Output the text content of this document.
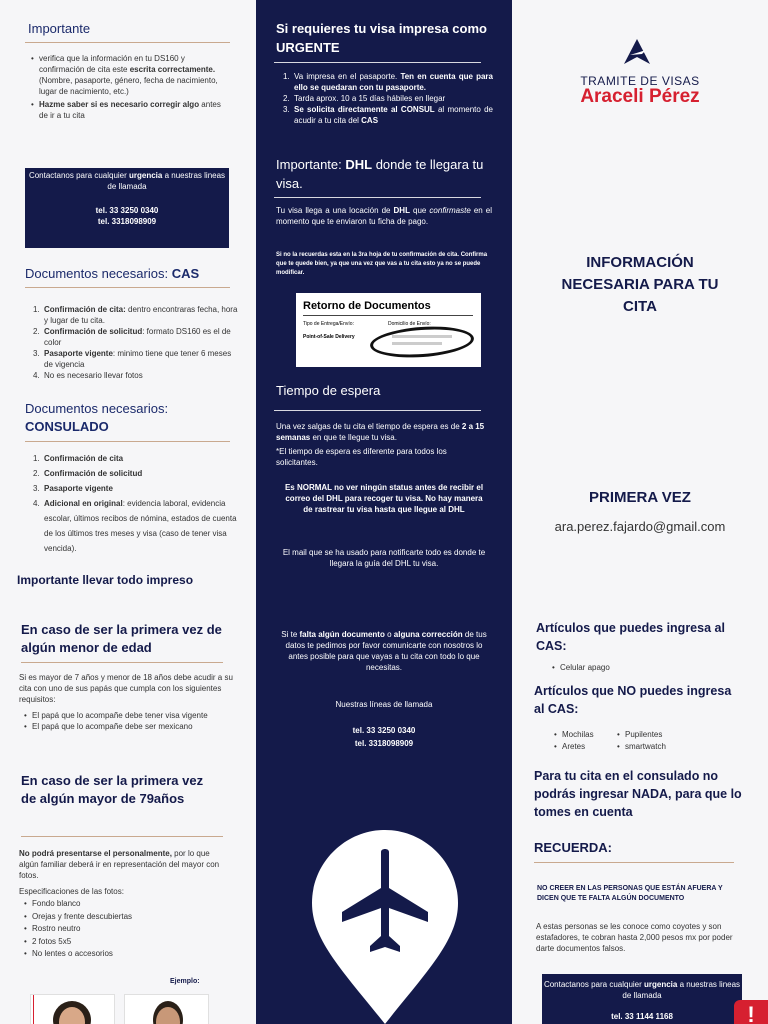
Importante
• verifica que la información en tu DS160 y confirmación de cita este escrita correctamente. (Nombre, pasaporte, género, fecha de nacimiento, lugar de nacimiento, etc.)
• Hazme saber si es necesario corregir algo antes de ir a tu cita
Contactanos para cualquier urgencia a nuestras lineas de llamada
tel. 33 3250 0340
tel. 3318098909
Documentos necesarios: CAS
1. Confirmación de cita: dentro encontraras fecha, hora y lugar de tu cita.
2. Confirmación de solicitud: formato DS160 es el de color
3. Pasaporte vigente: minimo tiene que tener 6 meses de vigencia
4. No es necesario llevar fotos
Documentos necesarios:
CONSULADO
1. Confirmación de cita
2. Confirmación de solicitud
3. Pasaporte vigente
4. Adicional en original: evidencia laboral, evidencia escolar, últimos recibos de nómina, estados de cuenta de los últimos tres meses y visa (caso de tener visa vencida).
Importante llevar todo impreso
En caso de ser la primera vez de algún menor de edad
Si es mayor de 7 años y menor de 18 años debe acudir a su cita con uno de sus papás que cumpla con los siguientes requisitos:
• El papá que lo acompañe debe tener visa vigente
• El papá que lo acompañe debe ser mexicano
En caso de ser la primera vez de algún mayor de 79años
No podrá presentarse el personalmente, por lo que algún familiar deberá ir en representación del mayor con fotos.
Especificaciones de las fotos:
• Fondo blanco
• Orejas y frente descubiertas
• Rostro neutro
• 2 fotos 5x5
• No lentes o accesorios
Ejemplo:
Si requieres tu visa impresa como URGENTE
1. Va impresa en el pasaporte. Ten en cuenta que para ello se quedaran con tu pasaporte.
2. Tarda aprox. 10 a 15 días hábiles en llegar
3. Se solicita directamente al CONSUL al momento de acudir a tu cita del CAS
Importante: DHL donde te llegara tu visa.
Tu visa llega a una locación de DHL que confirmaste en el momento que te enviaron tu ficha de pago.
Si no la recuerdas esta en la 3ra hoja de tu confirmación de cita. Confirma que te quede bien, ya que una vez que vas a tu cita esto ya no se puede modificar.
Retorno de Documentos
Tipo de Entrega/Envío:	Domicilio de Envío:
Point-of-Sale Delivery
Tiempo de espera
Una vez salgas de tu cita el tiempo de espera es de 2 a 15 semanas en que te llegue tu visa.
*El tiempo de espera es diferente para todos los solicitantes.
Es NORMAL no ver ningún status antes de recibir el correo del DHL para recoger tu visa. No hay manera de rastrear tu visa hasta que llegue al DHL
El mail que se ha usado para notificarte todo es donde te llegara la guía del DHL tu visa.
Si te falta algún documento o alguna corrección de tus datos te pedimos por favor comunicarte con nosotros lo antes posible para que vayas a tu cita con todo lo que necesitas.
Nuestras líneas de llamada
tel. 33 3250 0340
tel. 3318098909
TRAMITE DE VISAS
Araceli Pérez
INFORMACIÓN NECESARIA PARA TU CITA
PRIMERA VEZ
ara.perez.fajardo@gmail.com
Artículos que puedes ingresa al CAS:
• Celular apago
Artículos que NO puedes ingresa al CAS:
• Mochilas
• Aretes
• Pupilentes
• smartwatch
Para tu cita en el consulado no podrás ingresar NADA, para que lo tomes en cuenta
RECUERDA:
NO CREER EN LAS PERSONAS QUE ESTÁN AFUERA Y DICEN QUE TE FALTA ALGÚN DOCUMENTO
A estas personas se les conoce como coyotes y son estafadores, te cobran hasta 2,000 pesos mx por poder darte documentos falsos.
Contactanos para cualquier urgencia a nuestras lineas de llamada
tel. 33 1144 1168	!
